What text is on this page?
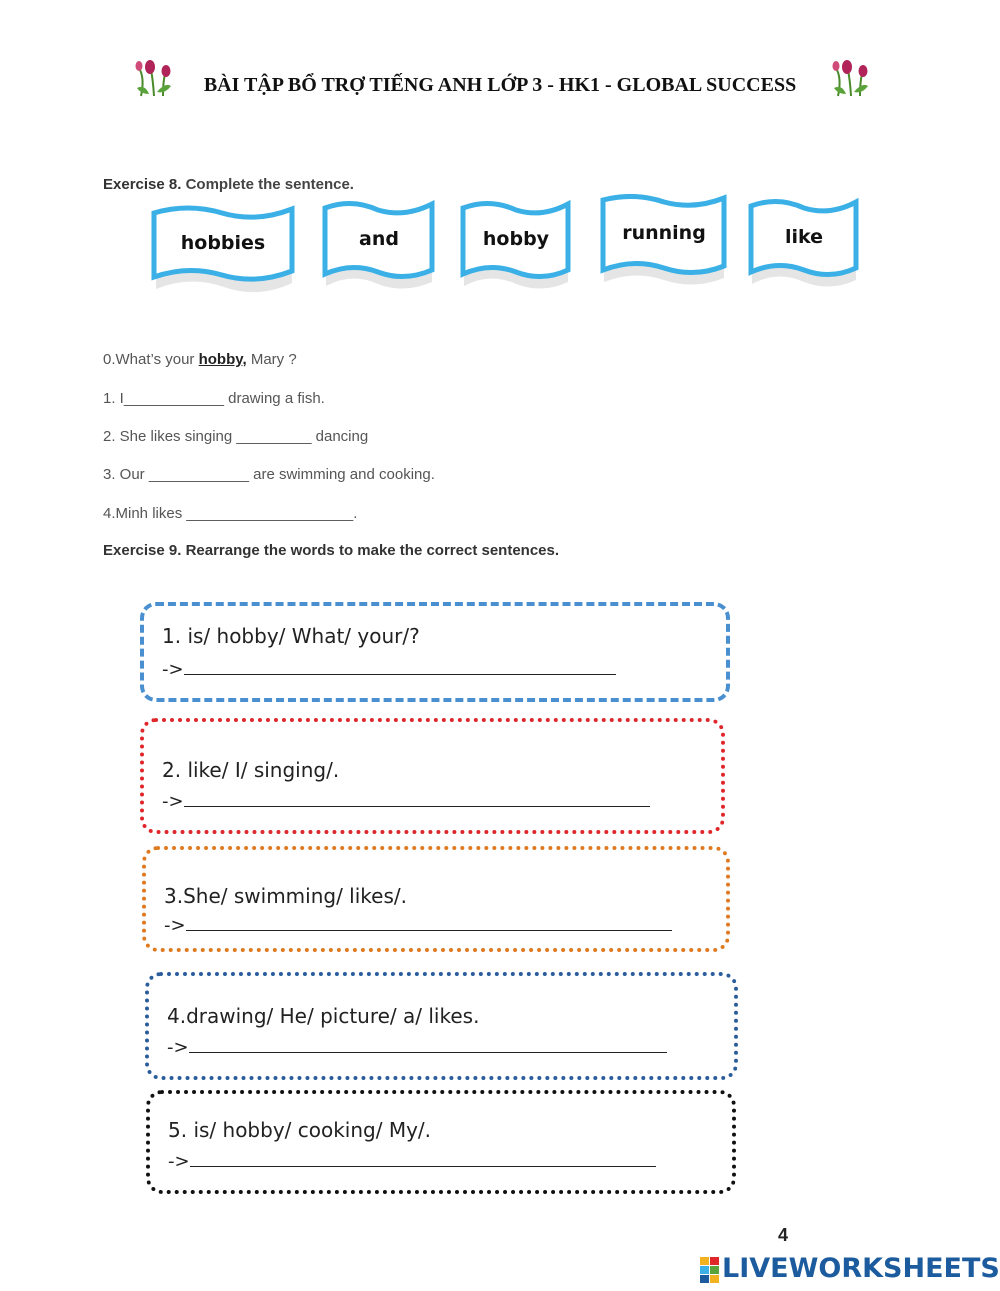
BÀI TẬP BỔ TRỢ TIẾNG ANH LỚP 3 - HK1 - GLOBAL SUCCESS
Exercise 8. Complete the sentence.
hobbies	and	hobby	running	like
0.What’s your hobby, Mary ?
1. I____________ drawing a fish.
2. She likes singing _________ dancing
3. Our ____________ are swimming and cooking.
4.Minh likes ____________________.
Exercise 9. Rearrange the words to make the correct sentences.
1. is/ hobby/ What/ your/?
->
2. like/ I/ singing/.
->
3.She/ swimming/ likes/.
->
4.drawing/ He/ picture/ a/ likes.
->
5. is/ hobby/ cooking/ My/.
->
4
LIVEWORKSHEETS
